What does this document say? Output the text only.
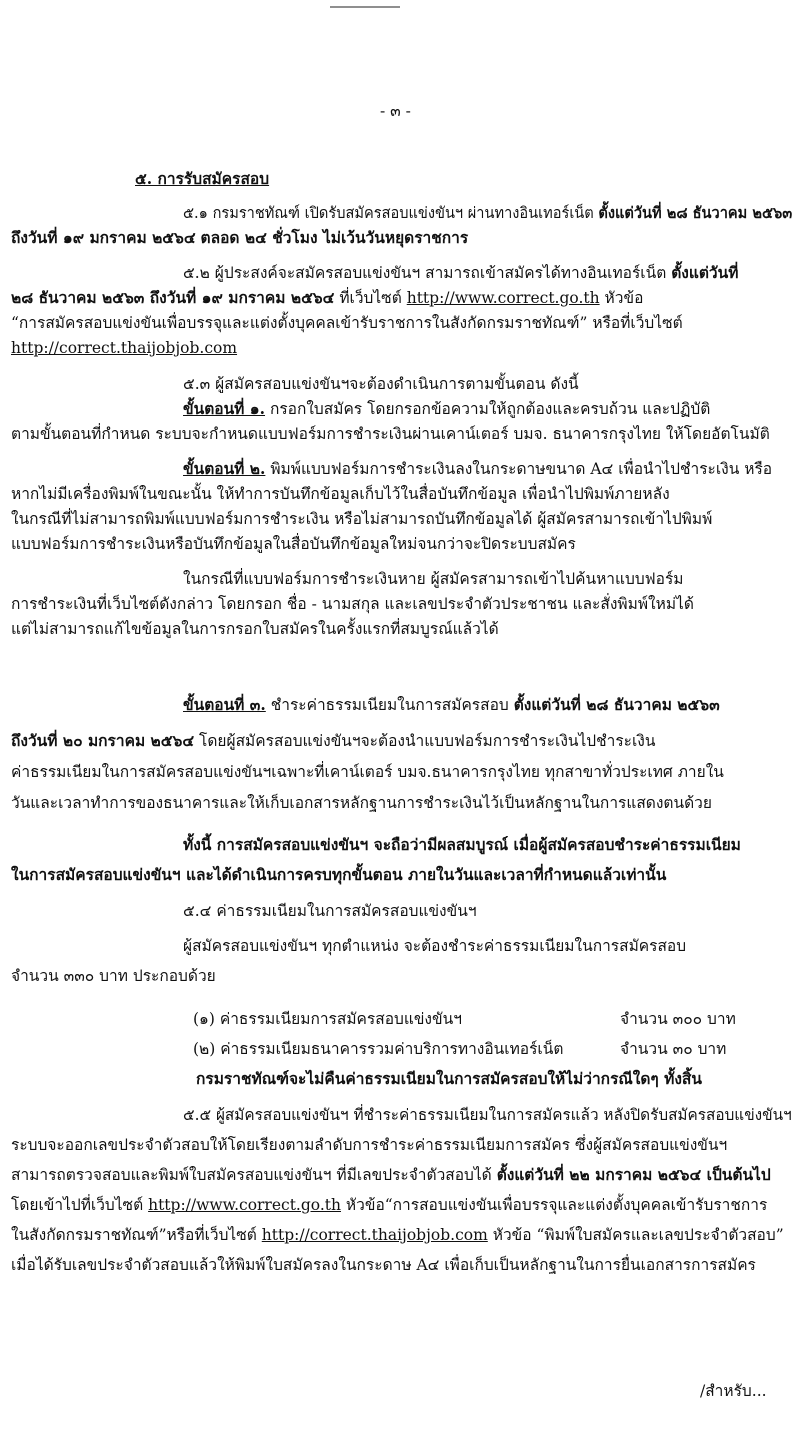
- ๓ -
๕. การรับสมัครสอบ
๕.๑ กรมราชทัณฑ์ เปิดรับสมัครสอบแข่งขันฯ ผ่านทางอินเทอร์เน็ต ตั้งแต่วันที่ ๒๘ ธันวาคม ๒๕๖๓
ถึงวันที่ ๑๙ มกราคม ๒๕๖๔ ตลอด ๒๔ ชั่วโมง ไม่เว้นวันหยุดราชการ
๕.๒ ผู้ประสงค์จะสมัครสอบแข่งขันฯ สามารถเข้าสมัครได้ทางอินเทอร์เน็ต ตั้งแต่วันที่
๒๘ ธันวาคม ๒๕๖๓ ถึงวันที่ ๑๙ มกราคม ๒๕๖๔ ที่เว็บไซต์ http://www.correct.go.th หัวข้อ
“การสมัครสอบแข่งขันเพื่อบรรจุและแต่งตั้งบุคคลเข้ารับราชการในสังกัดกรมราชทัณฑ์” หรือที่เว็บไซต์
http://correct.thaijobjob.com
๕.๓ ผู้สมัครสอบแข่งขันฯจะต้องดำเนินการตามขั้นตอน ดังนี้
ขั้นตอนที่ ๑. กรอกใบสมัคร โดยกรอกข้อความให้ถูกต้องและครบถ้วน และปฏิบัติ
ตามขั้นตอนที่กำหนด ระบบจะกำหนดแบบฟอร์มการชำระเงินผ่านเคาน์เตอร์ บมจ. ธนาคารกรุงไทย ให้โดยอัตโนมัติ
ขั้นตอนที่ ๒. พิมพ์แบบฟอร์มการชำระเงินลงในกระดาษขนาด A๔ เพื่อนำไปชำระเงิน หรือ
หากไม่มีเครื่องพิมพ์ในขณะนั้น ให้ทำการบันทึกข้อมูลเก็บไว้ในสื่อบันทึกข้อมูล เพื่อนำไปพิมพ์ภายหลัง
ในกรณีที่ไม่สามารถพิมพ์แบบฟอร์มการชำระเงิน หรือไม่สามารถบันทึกข้อมูลได้ ผู้สมัครสามารถเข้าไปพิมพ์
แบบฟอร์มการชำระเงินหรือบันทึกข้อมูลในสื่อบันทึกข้อมูลใหม่จนกว่าจะปิดระบบสมัคร
ในกรณีที่แบบฟอร์มการชำระเงินหาย ผู้สมัครสามารถเข้าไปค้นหาแบบฟอร์ม
การชำระเงินที่เว็บไซต์ดังกล่าว โดยกรอก ชื่อ - นามสกุล และเลขประจำตัวประชาชน และสั่งพิมพ์ใหม่ได้
แต่ไม่สามารถแก้ไขข้อมูลในการกรอกใบสมัครในครั้งแรกที่สมบูรณ์แล้วได้
ขั้นตอนที่ ๓. ชำระค่าธรรมเนียมในการสมัครสอบ ตั้งแต่วันที่ ๒๘ ธันวาคม ๒๕๖๓
ถึงวันที่ ๒๐ มกราคม ๒๕๖๔ โดยผู้สมัครสอบแข่งขันฯจะต้องนำแบบฟอร์มการชำระเงินไปชำระเงิน
ค่าธรรมเนียมในการสมัครสอบแข่งขันฯเฉพาะที่เคาน์เตอร์ บมจ.ธนาคารกรุงไทย ทุกสาขาทั่วประเทศ ภายใน
วันและเวลาทำการของธนาคารและให้เก็บเอกสารหลักฐานการชำระเงินไว้เป็นหลักฐานในการแสดงตนด้วย
ทั้งนี้ การสมัครสอบแข่งขันฯ จะถือว่ามีผลสมบูรณ์ เมื่อผู้สมัครสอบชำระค่าธรรมเนียม
ในการสมัครสอบแข่งขันฯ และได้ดำเนินการครบทุกขั้นตอน ภายในวันและเวลาที่กำหนดแล้วเท่านั้น
๕.๔ ค่าธรรมเนียมในการสมัครสอบแข่งขันฯ
ผู้สมัครสอบแข่งขันฯ ทุกตำแหน่ง จะต้องชำระค่าธรรมเนียมในการสมัครสอบ
จำนวน ๓๓๐ บาท ประกอบด้วย
(๑) ค่าธรรมเนียมการสมัครสอบแข่งขันฯ	จำนวน ๓๐๐ บาท
(๒) ค่าธรรมเนียมธนาคารรวมค่าบริการทางอินเทอร์เน็ต	จำนวน ๓๐ บาท
กรมราชทัณฑ์จะไม่คืนค่าธรรมเนียมในการสมัครสอบให้ไม่ว่ากรณีใดๆ ทั้งสิ้น
๕.๕ ผู้สมัครสอบแข่งขันฯ ที่ชำระค่าธรรมเนียมในการสมัครแล้ว หลังปิดรับสมัครสอบแข่งขันฯ
ระบบจะออกเลขประจำตัวสอบให้โดยเรียงตามลำดับการชำระค่าธรรมเนียมการสมัคร ซึ่งผู้สมัครสอบแข่งขันฯ
สามารถตรวจสอบและพิมพ์ใบสมัครสอบแข่งขันฯ ที่มีเลขประจำตัวสอบได้ ตั้งแต่วันที่ ๒๒ มกราคม ๒๕๖๔ เป็นต้นไป
โดยเข้าไปที่เว็บไซต์ http://www.correct.go.th หัวข้อ“การสอบแข่งขันเพื่อบรรจุและแต่งตั้งบุคคลเข้ารับราชการ
ในสังกัดกรมราชทัณฑ์”หรือที่เว็บไซต์ http://correct.thaijobjob.com หัวข้อ “พิมพ์ใบสมัครและเลขประจำตัวสอบ”
เมื่อได้รับเลขประจำตัวสอบแล้วให้พิมพ์ใบสมัครลงในกระดาษ A๔ เพื่อเก็บเป็นหลักฐานในการยื่นเอกสารการสมัคร
/สำหรับ...
